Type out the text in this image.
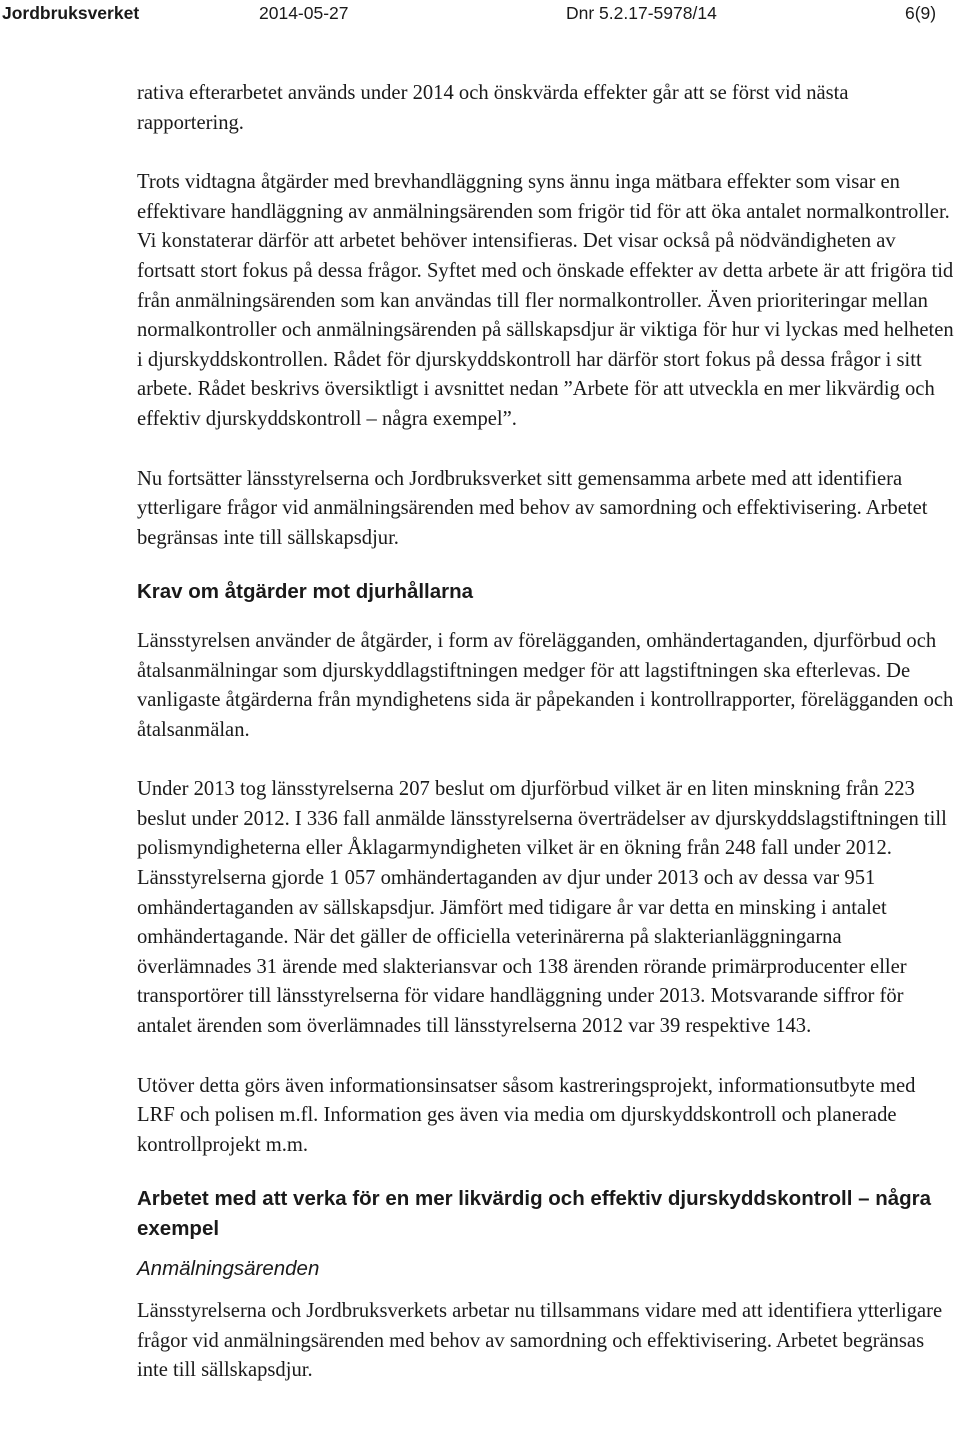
Jordbruksverket	2014-05-27	Dnr 5.2.17-5978/14	6(9)

rativa efterarbetet används under 2014 och önskvärda effekter går att se först vid nästa rapportering.

Trots vidtagna åtgärder med brevhandläggning syns ännu inga mätbara effekter som visar en effektivare handläggning av anmälningsärenden som frigör tid för att öka antalet normalkontroller. Vi konstaterar därför att arbetet behöver intensifieras. Det visar också på nödvändigheten av fortsatt stort fokus på dessa frågor. Syftet med och önskade effekter av detta arbete är att frigöra tid från anmälningsärenden som kan användas till fler normalkontroller. Även prioriteringar mellan normalkontroller och anmälningsärenden på sällskapsdjur är viktiga för hur vi lyckas med helheten i djurskyddskontrollen. Rådet för djurskyddskontroll har därför stort fokus på dessa frågor i sitt arbete. Rådet beskrivs översiktligt i avsnittet nedan ”Arbete för att utveckla en mer likvärdig och effektiv djurskyddskontroll – några exempel”.

Nu fortsätter länsstyrelserna och Jordbruksverket sitt gemensamma arbete med att identifiera ytterligare frågor vid anmälningsärenden med behov av samordning och effektivisering. Arbetet begränsas inte till sällskapsdjur.

Krav om åtgärder mot djurhållarna

Länsstyrelsen använder de åtgärder, i form av förelägganden, omhändertaganden, djurförbud och åtalsanmälningar som djurskyddlagstiftningen medger för att lagstiftningen ska efterlevas. De vanligaste åtgärderna från myndighetens sida är påpekanden i kontrollrapporter, förelägganden och åtalsanmälan.

Under 2013 tog länsstyrelserna 207 beslut om djurförbud vilket är en liten minskning från 223 beslut under 2012. I 336 fall anmälde länsstyrelserna överträdelser av djurskyddslagstiftningen till polismyndigheterna eller Åklagarmyndigheten vilket är en ökning från 248 fall under 2012. Länsstyrelserna gjorde 1 057 omhändertaganden av djur under 2013 och av dessa var 951 omhändertaganden av sällskapsdjur. Jämfört med tidigare år var detta en minsking i antalet omhändertagande. När det gäller de officiella veterinärerna på slakterianläggningarna överlämnades 31 ärende med slakteriansvar och 138 ärenden rörande primärproducenter eller transportörer till länsstyrelserna för vidare handläggning under 2013. Motsvarande siffror för antalet ärenden som överlämnades till länsstyrelserna 2012 var 39 respektive 143.

Utöver detta görs även informationsinsatser såsom kastreringsprojekt, informationsutbyte med LRF och polisen m.fl. Information ges även via media om djurskyddskontroll och planerade kontrollprojekt m.m.

Arbetet med att verka för en mer likvärdig och effektiv djurskyddskontroll – några exempel
Anmälningsärenden

Länsstyrelserna och Jordbruksverkets arbetar nu tillsammans vidare med att identifiera ytterligare frågor vid anmälningsärenden med behov av samordning och effektivisering. Arbetet begränsas inte till sällskapsdjur.
